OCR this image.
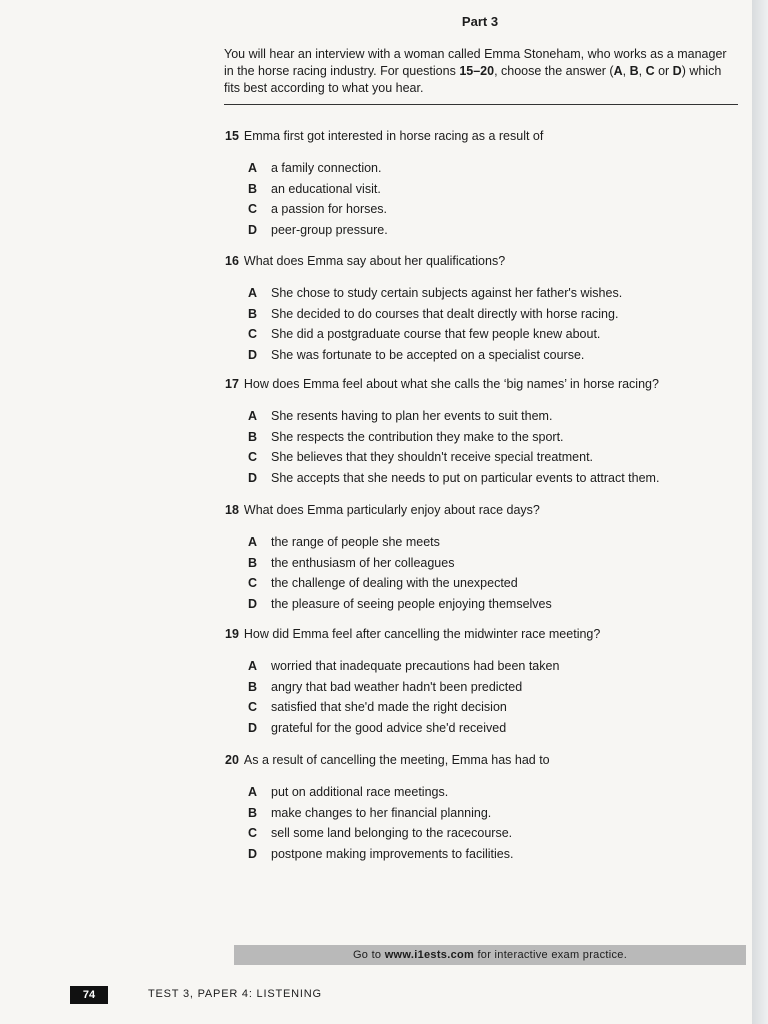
Part 3
You will hear an interview with a woman called Emma Stoneham, who works as a manager in the horse racing industry. For questions 15–20, choose the answer (A, B, C or D) which fits best according to what you hear.
15 Emma first got interested in horse racing as a result of
A	a family connection.
B	an educational visit.
C	a passion for horses.
D	peer-group pressure.
16 What does Emma say about her qualifications?
A	She chose to study certain subjects against her father's wishes.
B	She decided to do courses that dealt directly with horse racing.
C	She did a postgraduate course that few people knew about.
D	She was fortunate to be accepted on a specialist course.
17 How does Emma feel about what she calls the ‘big names’ in horse racing?
A	She resents having to plan her events to suit them.
B	She respects the contribution they make to the sport.
C	She believes that they shouldn't receive special treatment.
D	She accepts that she needs to put on particular events to attract them.
18 What does Emma particularly enjoy about race days?
A	the range of people she meets
B	the enthusiasm of her colleagues
C	the challenge of dealing with the unexpected
D	the pleasure of seeing people enjoying themselves
19 How did Emma feel after cancelling the midwinter race meeting?
A	worried that inadequate precautions had been taken
B	angry that bad weather hadn't been predicted
C	satisfied that she'd made the right decision
D	grateful for the good advice she'd received
20 As a result of cancelling the meeting, Emma has had to
A	put on additional race meetings.
B	make changes to her financial planning.
C	sell some land belonging to the racecourse.
D	postpone making improvements to facilities.
Go to www.i1ests.com for interactive exam practice.
74	TEST 3, PAPER 4: LISTENING
